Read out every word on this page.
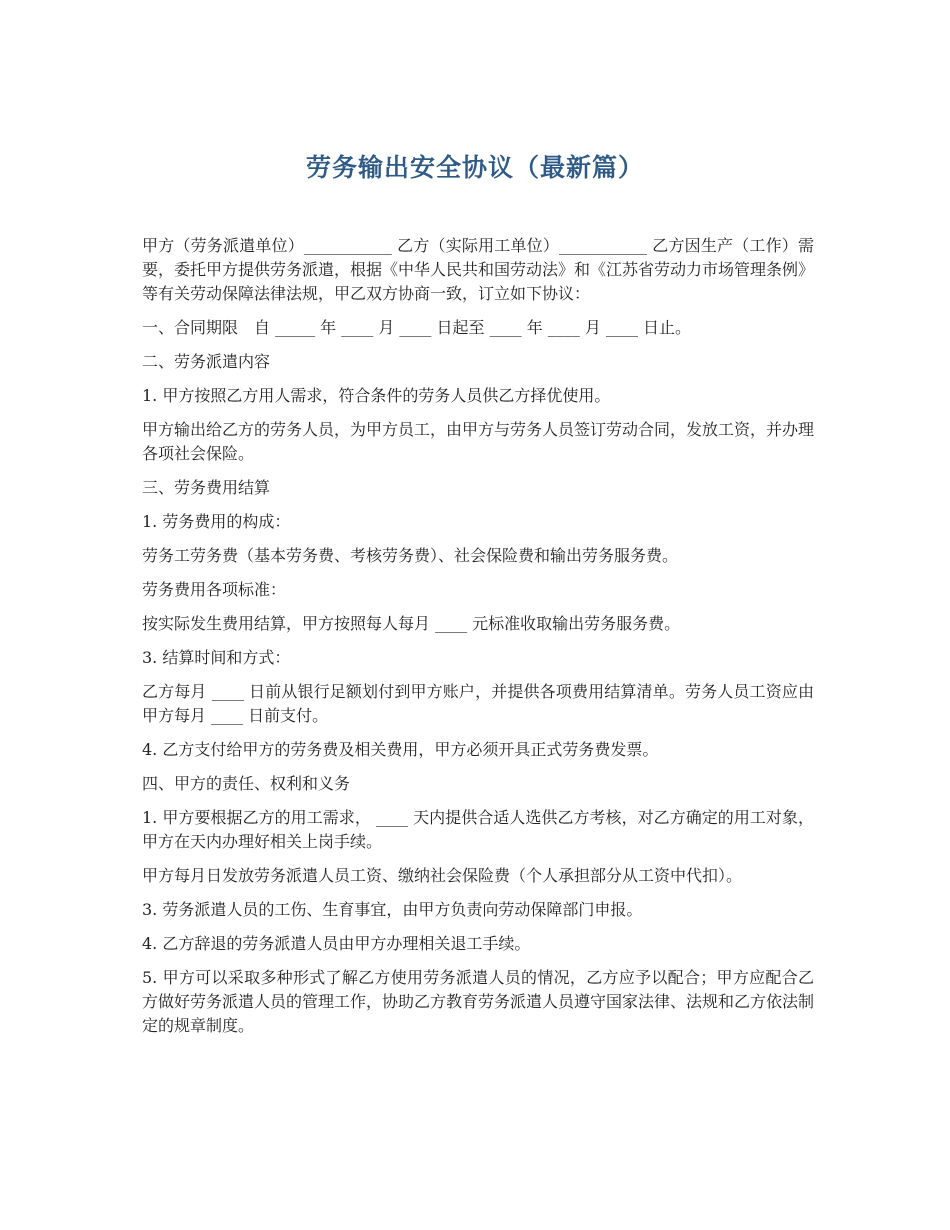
劳务输出安全协议（最新篇）

甲方（劳务派遣单位）___________ 乙方（实际用工单位）___________ 乙方因生产（工作）需要，委托甲方提供劳务派遣，根据《中华人民共和国劳动法》和《江苏省劳动力市场管理条例》等有关劳动保障法律法规，甲乙双方协商一致，订立如下协议：

一、合同期限　自 _____ 年 ____ 月 ____ 日起至 ____ 年 ____ 月 ____ 日止。

二、劳务派遣内容

1. 甲方按照乙方用人需求，符合条件的劳务人员供乙方择优使用。

甲方输出给乙方的劳务人员，为甲方员工，由甲方与劳务人员签订劳动合同，发放工资，并办理各项社会保险。

三、劳务费用结算

1. 劳务费用的构成：

劳务工劳务费（基本劳务费、考核劳务费）、社会保险费和输出劳务服务费。

劳务费用各项标准：

按实际发生费用结算，甲方按照每人每月 ____ 元标准收取输出劳务服务费。

3. 结算时间和方式：

乙方每月 ____ 日前从银行足额划付到甲方账户，并提供各项费用结算清单。劳务人员工资应由甲方每月 ____ 日前支付。

4. 乙方支付给甲方的劳务费及相关费用，甲方必须开具正式劳务费发票。

四、甲方的责任、权利和义务

1. 甲方要根据乙方的用工需求， ____ 天内提供合适人选供乙方考核，对乙方确定的用工对象，甲方在天内办理好相关上岗手续。

甲方每月日发放劳务派遣人员工资、缴纳社会保险费（个人承担部分从工资中代扣）。

3. 劳务派遣人员的工伤、生育事宜，由甲方负责向劳动保障部门申报。

4. 乙方辞退的劳务派遣人员由甲方办理相关退工手续。

5. 甲方可以采取多种形式了解乙方使用劳务派遣人员的情况，乙方应予以配合；甲方应配合乙方做好劳务派遣人员的管理工作，协助乙方教育劳务派遣人员遵守国家法律、法规和乙方依法制定的规章制度。
